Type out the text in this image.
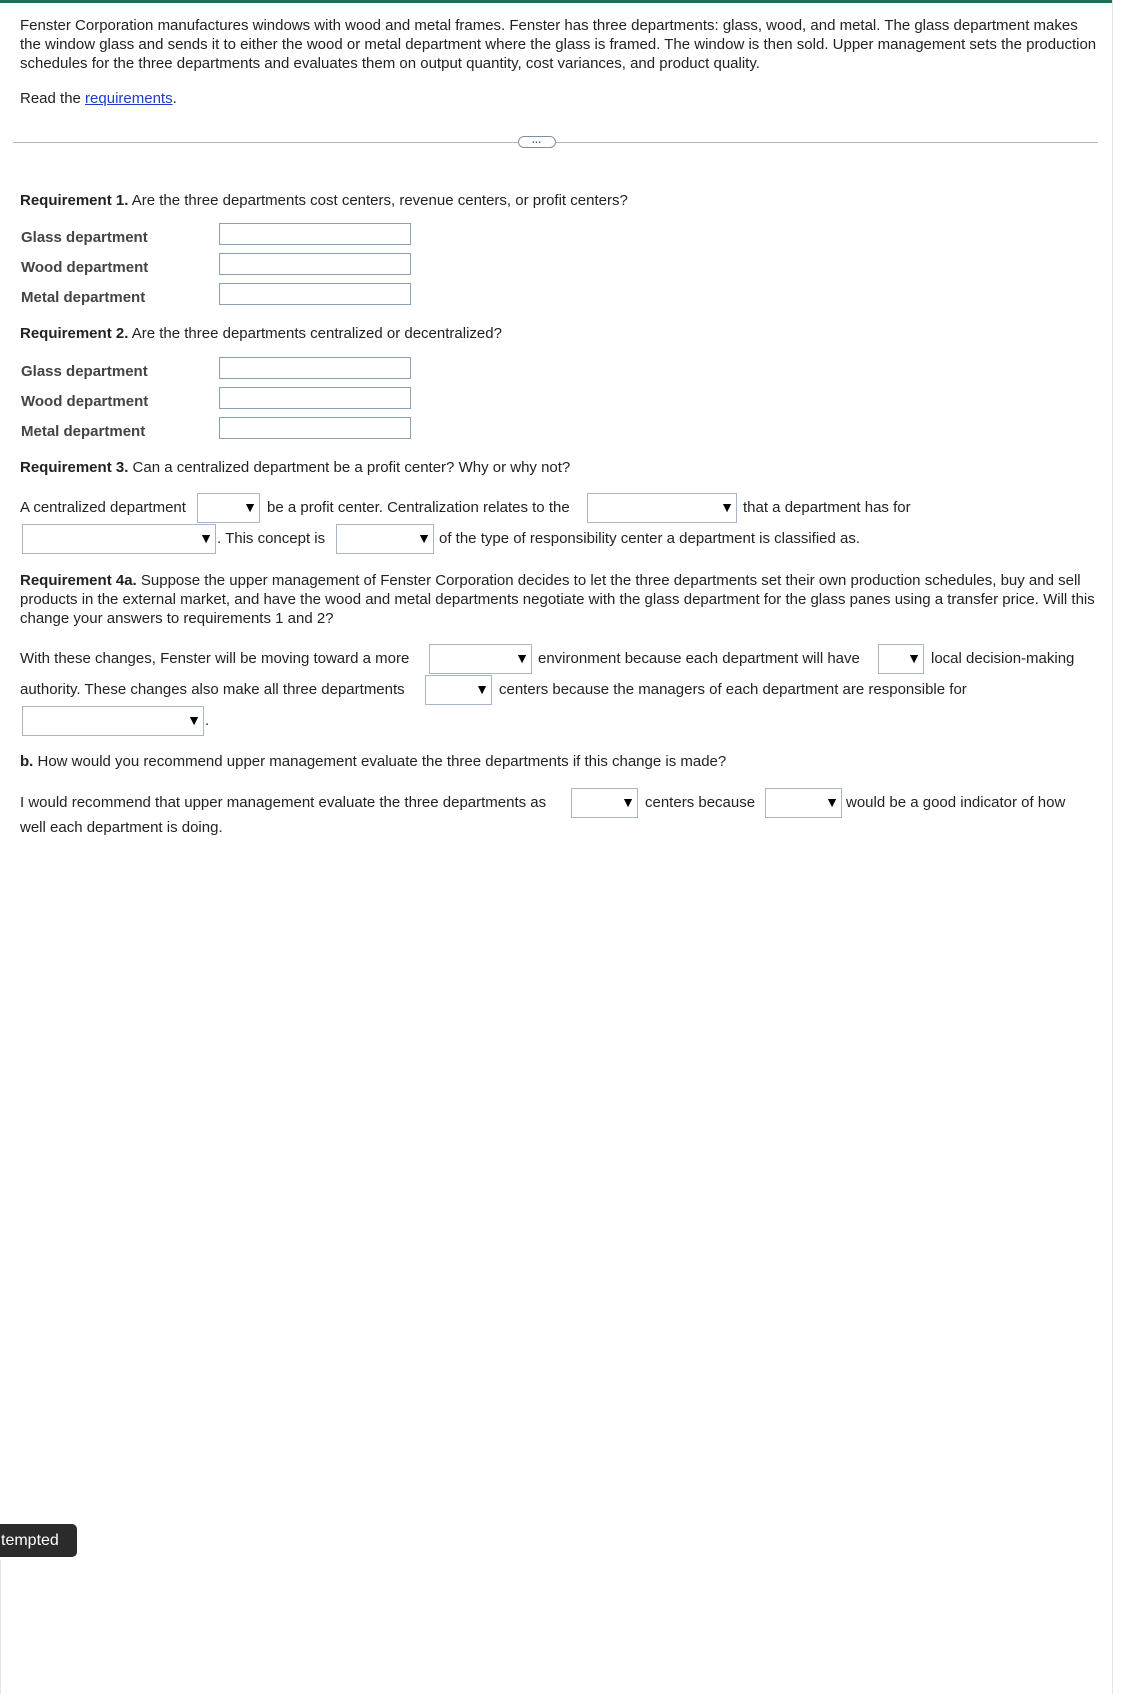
Fenster Corporation manufactures windows with wood and metal frames. Fenster has three departments: glass, wood, and metal. The glass department makes the window glass and sends it to either the wood or metal department where the glass is framed. The window is then sold. Upper management sets the production schedules for the three departments and evaluates them on output quantity, cost variances, and product quality.
Read the requirements.
…
Requirement 1. Are the three departments cost centers, revenue centers, or profit centers?
Glass department
Wood department
Metal department
Requirement 2. Are the three departments centralized or decentralized?
Glass department
Wood department
Metal department
Requirement 3. Can a centralized department be a profit center? Why or why not?
A centralized department	▼ be a profit center. Centralization relates to the	▼ that a department has for
▼ . This concept is	▼ of the type of responsibility center a department is classified as.
Requirement 4a. Suppose the upper management of Fenster Corporation decides to let the three departments set their own production schedules, buy and sell products in the external market, and have the wood and metal departments negotiate with the glass department for the glass panes using a transfer price. Will this change your answers to requirements 1 and 2?
With these changes, Fenster will be moving toward a more	▼ environment because each department will have	▼ local decision-making
authority. These changes also make all three departments	▼ centers because the managers of each department are responsible for
▼ .
b. How would you recommend upper management evaluate the three departments if this change is made?
I would recommend that upper management evaluate the three departments as	▼ centers because	▼ would be a good indicator of how
well each department is doing.
tempted
